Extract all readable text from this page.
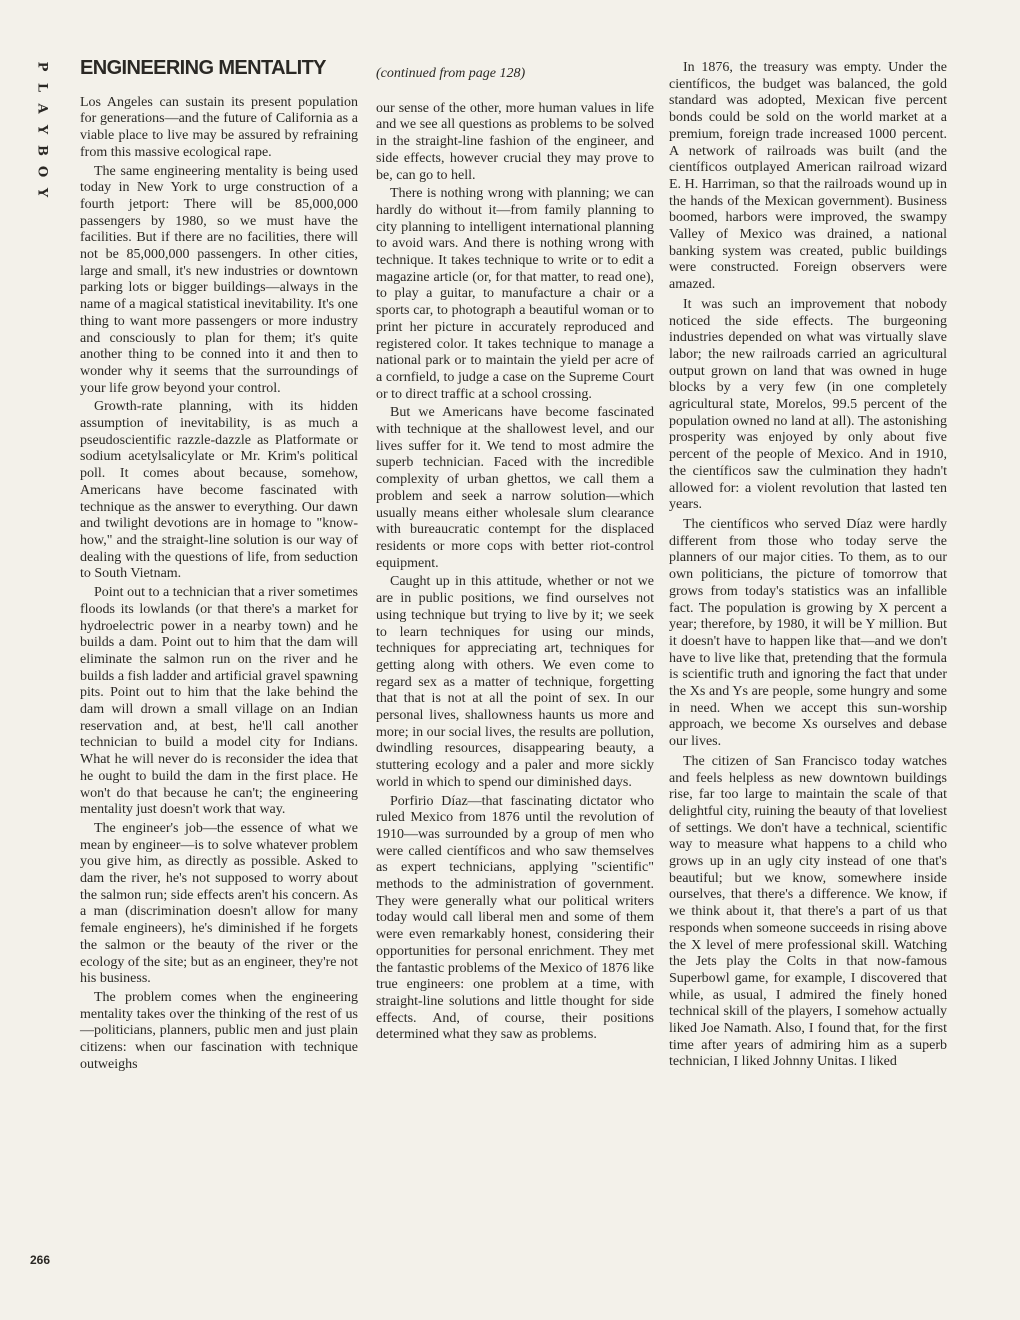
P
L
A
Y
B
O
Y
ENGINEERING MENTALITY

Los Angeles can sustain its present population for generations—and the future of California as a viable place to live may be assured by refraining from this massive ecological rape.

The same engineering mentality is being used today in New York to urge construction of a fourth jetport: There will be 85,000,000 passengers by 1980, so we must have the facilities. But if there are no facilities, there will not be 85,000,000 passengers. In other cities, large and small, it's new industries or downtown parking lots or bigger buildings—always in the name of a magical statistical inevitability. It's one thing to want more passengers or more industry and consciously to plan for them; it's quite another thing to be conned into it and then to wonder why it seems that the surroundings of your life grow beyond your control.

Growth-rate planning, with its hidden assumption of inevitability, is as much a pseudoscientific razzle-dazzle as Platformate or sodium acetylsalicylate or Mr. Krim's political poll. It comes about because, somehow, Americans have become fascinated with technique as the answer to everything. Our dawn and twilight devotions are in homage to "know-how," and the straight-line solution is our way of dealing with the questions of life, from seduction to South Vietnam.

Point out to a technician that a river sometimes floods its lowlands (or that there's a market for hydroelectric power in a nearby town) and he builds a dam. Point out to him that the dam will eliminate the salmon run on the river and he builds a fish ladder and artificial gravel spawning pits. Point out to him that the lake behind the dam will drown a small village on an Indian reservation and, at best, he'll call another technician to build a model city for Indians. What he will never do is reconsider the idea that he ought to build the dam in the first place. He won't do that because he can't; the engineering mentality just doesn't work that way.

The engineer's job—the essence of what we mean by engineer—is to solve whatever problem you give him, as directly as possible. Asked to dam the river, he's not supposed to worry about the salmon run; side effects aren't his concern. As a man (discrimination doesn't allow for many female engineers), he's diminished if he forgets the salmon or the beauty of the river or the ecology of the site; but as an engineer, they're not his business.

The problem comes when the engineering mentality takes over the thinking of the rest of us—politicians, planners, public men and just plain citizens: when our fascination with technique outweighs

(continued from page 128)

our sense of the other, more human values in life and we see all questions as problems to be solved in the straight-line fashion of the engineer, and side effects, however crucial they may prove to be, can go to hell.

There is nothing wrong with planning; we can hardly do without it—from family planning to city planning to intelligent international planning to avoid wars. And there is nothing wrong with technique. It takes technique to write or to edit a magazine article (or, for that matter, to read one), to play a guitar, to manufacture a chair or a sports car, to photograph a beautiful woman or to print her picture in accurately reproduced and registered color. It takes technique to manage a national park or to maintain the yield per acre of a cornfield, to judge a case on the Supreme Court or to direct traffic at a school crossing.

But we Americans have become fascinated with technique at the shallowest level, and our lives suffer for it. We tend to most admire the superb technician. Faced with the incredible complexity of urban ghettos, we call them a problem and seek a narrow solution—which usually means either wholesale slum clearance with bureaucratic contempt for the displaced residents or more cops with better riot-control equipment.

Caught up in this attitude, whether or not we are in public positions, we find ourselves not using technique but trying to live by it; we seek to learn techniques for using our minds, techniques for appreciating art, techniques for getting along with others. We even come to regard sex as a matter of technique, forgetting that that is not at all the point of sex. In our personal lives, shallowness haunts us more and more; in our social lives, the results are pollution, dwindling resources, disappearing beauty, a stuttering ecology and a paler and more sickly world in which to spend our diminished days.

Porfirio Díaz—that fascinating dictator who ruled Mexico from 1876 until the revolution of 1910—was surrounded by a group of men who were called científicos and who saw themselves as expert technicians, applying "scientific" methods to the administration of government. They were generally what our political writers today would call liberal men and some of them were even remarkably honest, considering their opportunities for personal enrichment. They met the fantastic problems of the Mexico of 1876 like true engineers: one problem at a time, with straight-line solutions and little thought for side effects. And, of course, their positions determined what they saw as problems.

In 1876, the treasury was empty. Under the científicos, the budget was balanced, the gold standard was adopted, Mexican five percent bonds could be sold on the world market at a premium, foreign trade increased 1000 percent. A network of railroads was built (and the científicos outplayed American railroad wizard E. H. Harriman, so that the railroads wound up in the hands of the Mexican government). Business boomed, harbors were improved, the swampy Valley of Mexico was drained, a national banking system was created, public buildings were constructed. Foreign observers were amazed.

It was such an improvement that nobody noticed the side effects. The burgeoning industries depended on what was virtually slave labor; the new railroads carried an agricultural output grown on land that was owned in huge blocks by a very few (in one completely agricultural state, Morelos, 99.5 percent of the population owned no land at all). The astonishing prosperity was enjoyed by only about five percent of the people of Mexico. And in 1910, the científicos saw the culmination they hadn't allowed for: a violent revolution that lasted ten years.

The científicos who served Díaz were hardly different from those who today serve the planners of our major cities. To them, as to our own politicians, the picture of tomorrow that grows from today's statistics was an infallible fact. The population is growing by X percent a year; therefore, by 1980, it will be Y million. But it doesn't have to happen like that—and we don't have to live like that, pretending that the formula is scientific truth and ignoring the fact that under the Xs and Ys are people, some hungry and some in need. When we accept this sun-worship approach, we become Xs ourselves and debase our lives.

The citizen of San Francisco today watches and feels helpless as new downtown buildings rise, far too large to maintain the scale of that delightful city, ruining the beauty of that loveliest of settings. We don't have a technical, scientific way to measure what happens to a child who grows up in an ugly city instead of one that's beautiful; but we know, somewhere inside ourselves, that there's a difference. We know, if we think about it, that there's a part of us that responds when someone succeeds in rising above the X level of mere professional skill. Watching the Jets play the Colts in that now-famous Superbowl game, for example, I discovered that while, as usual, I admired the finely honed technical skill of the players, I somehow actually liked Joe Namath. Also, I found that, for the first time after years of admiring him as a superb technician, I liked Johnny Unitas. I liked

266
